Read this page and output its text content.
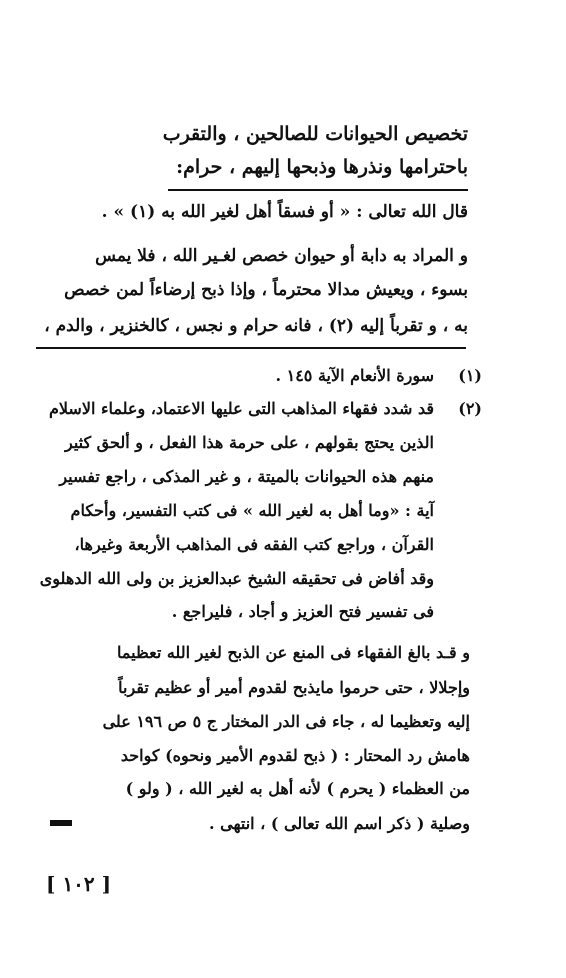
تخصيص الحيوانات للصالحين ، والتقرب
باحترامها ونذرها وذبحها إليهم ، حرام:
قال الله تعالى : « أو فسقاً أهل لغير الله به (١) » .
و المراد به دابة أو حيوان خصص لغـير الله ، فلا يمس
بسوء ، ويعيش مدالا محترماً ، وإذا ذبح إرضاءاً لمن خصص
به ، و تقرباً إليه (٢) ، فانه حرام و نجس ، كالخنزير ، والدم ،
(١)
سورة الأنعام الآية ١٤٥ .
(٢)
قد شدد فقهاء المذاهب التى عليها الاعتماد، وعلماء الاسلام
الذين يحتج بقولهم ، على حرمة هذا الفعل ، و ألحق كثير
منهم هذه الحيوانات بالميتة ، و غير المذكى ، راجع تفسير
آية : «وما أهل به لغير الله » فى كتب التفسير، وأحكام
القرآن ، وراجع كتب الفقه فى المذاهب الأربعة وغيرها،
وقد أفاض فى تحقيقه الشيخ عبدالعزيز بن ولى الله الدهلوى
فى تفسير فتح العزيز و أجاد ، فليراجع .
و قـد بالغ الفقهاء فى المنع عن الذبح لغير الله تعظيما
وإجلالا ، حتى حرموا مايذبح لقدوم أمير أو عظيم تقرباً
إليه وتعظيما له ، جاء فى الدر المختار ج ٥ ص ١٩٦ على
هامش رد المحتار : ( ذبح لقدوم الأمير ونحوه) كواحد
من العظماء ( يحرم ) لأنه أهل به لغير الله ، ( ولو )
وصلية ( ذكر اسم الله تعالى ) ، انتهى .
[ ١٠٢ ]
